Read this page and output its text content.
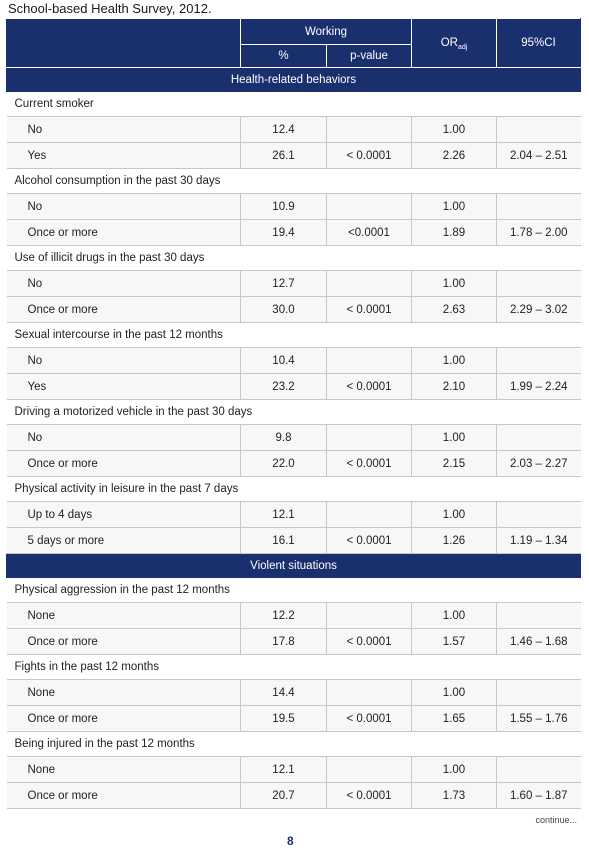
School-based Health Survey, 2012.
	Working		$OR_{adj}$	95%CI
	%	p-value		
Health-related behaviors				
Current smoker				
No	12.4		1.00	
Yes	26.1	< 0.0001	2.26	2.04 – 2.51
Alcohol consumption in the past 30 days				
No	10.9		1.00	
Once or more	19.4	<0.0001	1.89	1.78 – 2.00
Use of illicit drugs in the past 30 days				
No	12.7		1.00	
Once or more	30.0	< 0.0001	2.63	2.29 – 3.02
Sexual intercourse in the past 12 months				
No	10.4		1.00	
Yes	23.2	< 0.0001	2.10	1.99 – 2.24
Driving a motorized vehicle in the past 30 days				
No	9.8		1.00	
Once or more	22.0	< 0.0001	2.15	2.03 – 2.27
Physical activity in leisure in the past 7 days				
Up to 4 days	12.1		1.00	
5 days or more	16.1	< 0.0001	1.26	1.19 – 1.34
Violent situations				
Physical aggression in the past 12 months				
None	12.2		1.00	
Once or more	17.8	< 0.0001	1.57	1.46 – 1.68
Fights in the past 12 months				
None	14.4		1.00	
Once or more	19.5	< 0.0001	1.65	1.55 – 1.76
Being injured in the past 12 months				
None	12.1		1.00	
Once or more	20.7	< 0.0001	1.73	1.60 – 1.87
continue...
8
